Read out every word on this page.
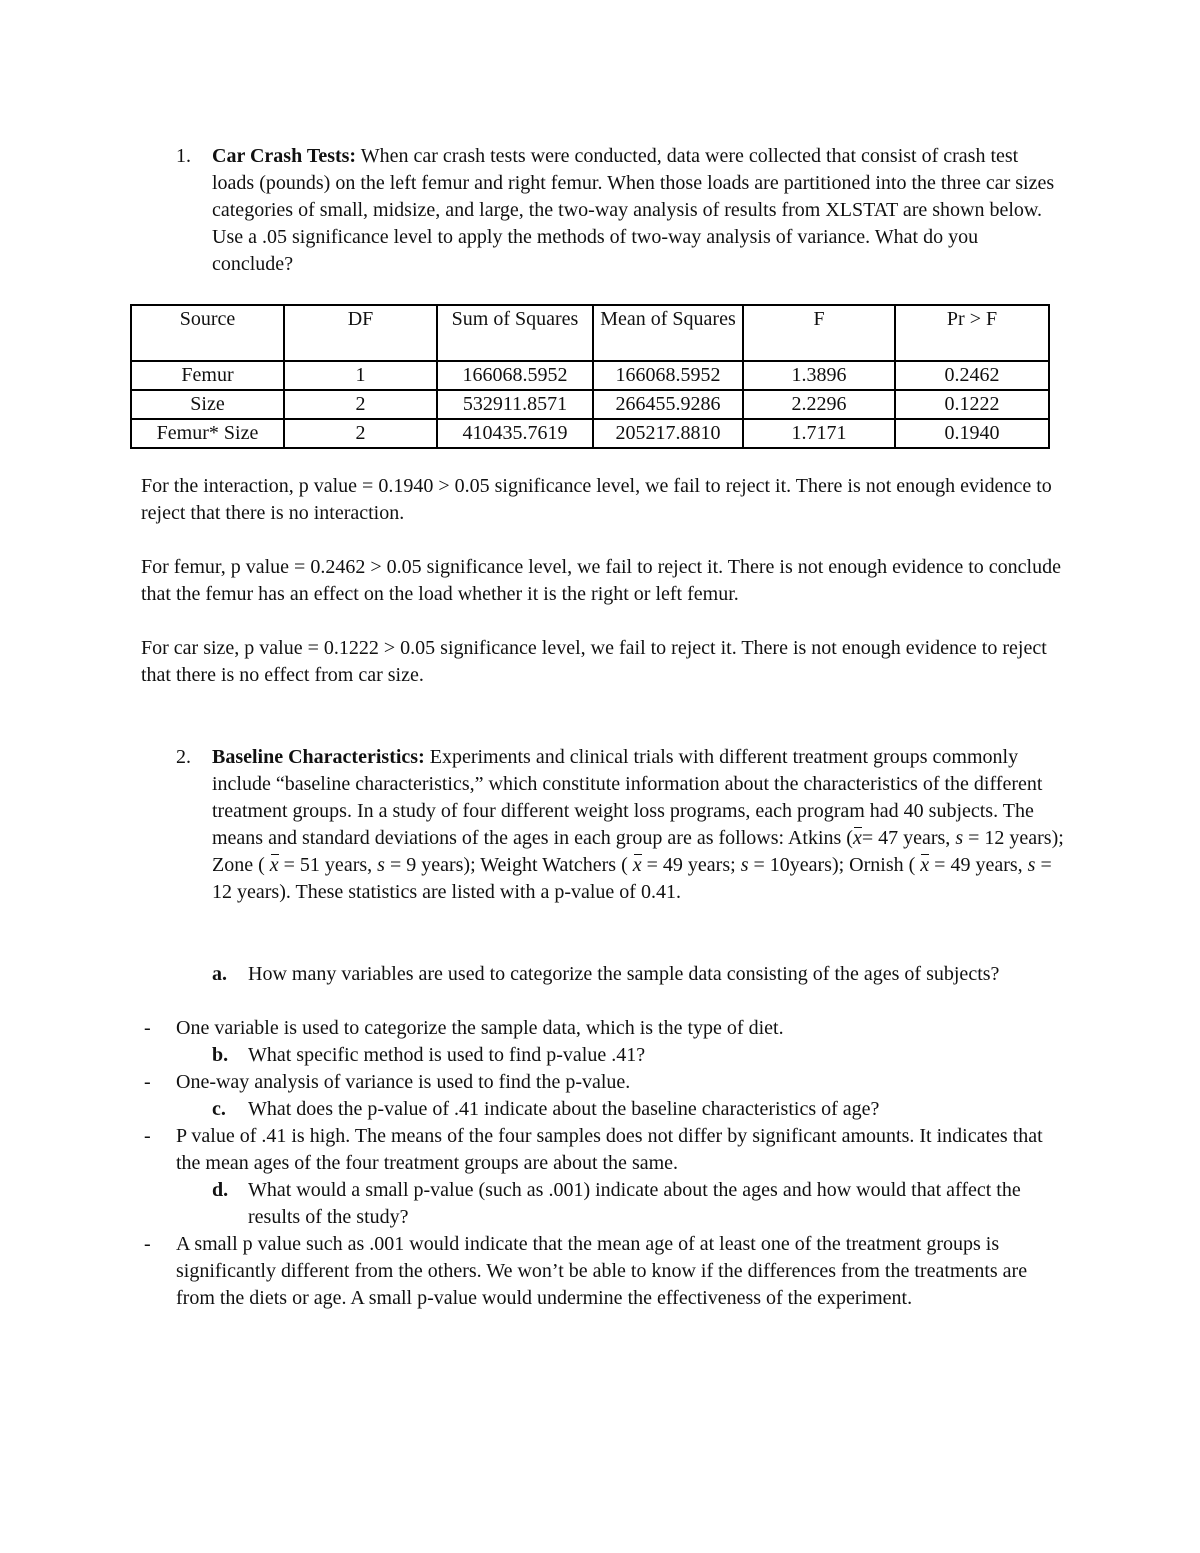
1. Car Crash Tests: When car crash tests were conducted, data were collected that consist of crash test loads (pounds) on the left femur and right femur. When those loads are partitioned into the three car sizes categories of small, midsize, and large, the two-way analysis of results from XLSTAT are shown below. Use a .05 significance level to apply the methods of two-way analysis of variance. What do you conclude?
Source	DF	Sum of Squares	Mean of Squares	F	Pr > F
Femur	1	166068.5952	166068.5952	1.3896	0.2462
Size	2	532911.8571	266455.9286	2.2296	0.1222
Femur* Size	2	410435.7619	205217.8810	1.7171	0.1940
For the interaction, p value = 0.1940 > 0.05 significance level, we fail to reject it. There is not enough evidence to reject that there is no interaction.
For femur, p value = 0.2462 > 0.05 significance level, we fail to reject it. There is not enough evidence to conclude that the femur has an effect on the load whether it is the right or left femur.
For car size, p value = 0.1222 > 0.05 significance level, we fail to reject it. There is not enough evidence to reject that there is no effect from car size.
2. Baseline Characteristics: Experiments and clinical trials with different treatment groups commonly include “baseline characteristics,” which constitute information about the characteristics of the different treatment groups. In a study of four different weight loss programs, each program had 40 subjects. The means and standard deviations of the ages in each group are as follows: Atkins (x= 47 years, s = 12 years); Zone ( x = 51 years, s = 9 years); Weight Watchers ( x = 49 years; s = 10years); Ornish ( x = 49 years, s = 12 years). These statistics are listed with a p-value of 0.41.
a. How many variables are used to categorize the sample data consisting of the ages of subjects?
- One variable is used to categorize the sample data, which is the type of diet.
b. What specific method is used to find p-value .41?
- One-way analysis of variance is used to find the p-value.
c. What does the p-value of .41 indicate about the baseline characteristics of age?
- P value of .41 is high. The means of the four samples does not differ by significant amounts. It indicates that the mean ages of the four treatment groups are about the same.
d. What would a small p-value (such as .001) indicate about the ages and how would that affect the results of the study?
- A small p value such as .001 would indicate that the mean age of at least one of the treatment groups is significantly different from the others. We won’t be able to know if the differences from the treatments are from the diets or age. A small p-value would undermine the effectiveness of the experiment.
